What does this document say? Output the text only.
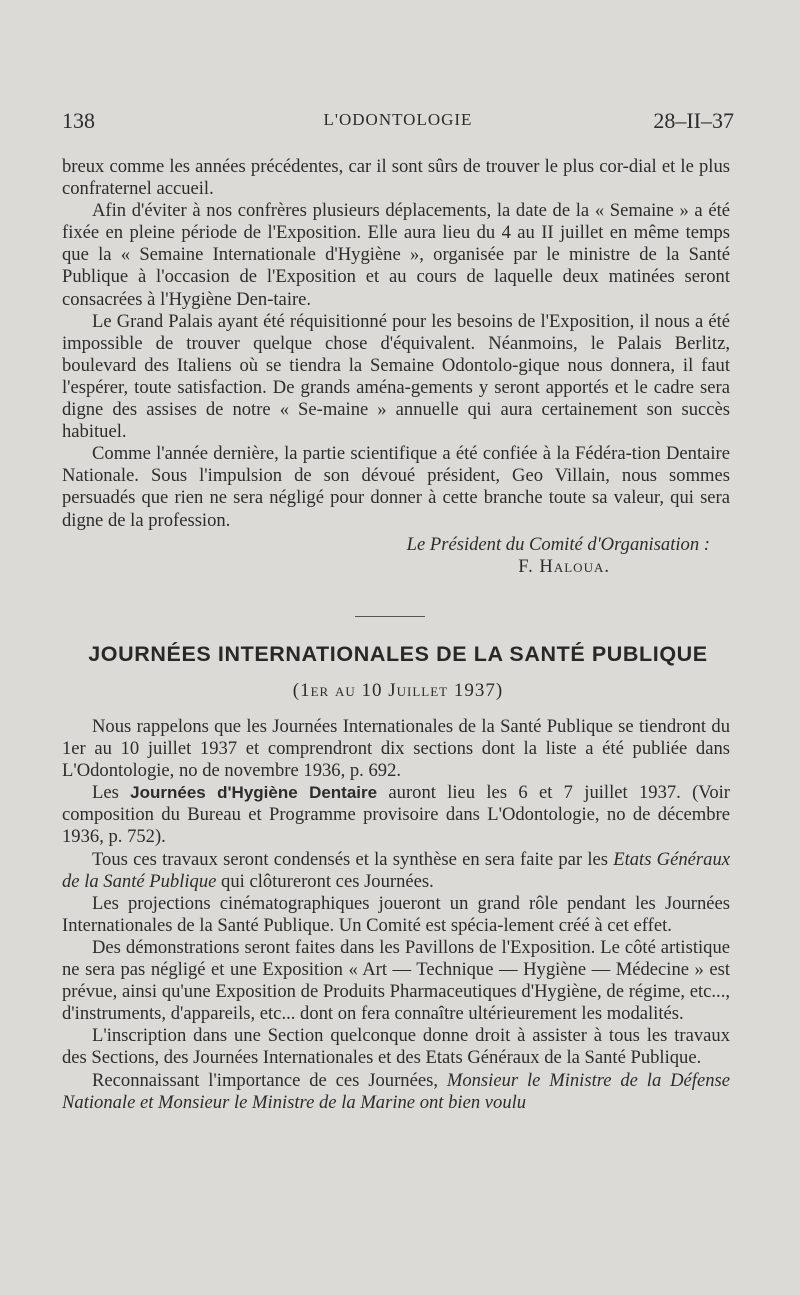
138	L'ODONTOLOGIE	28–II–37

breux comme les années précédentes, car il sont sûrs de trouver le plus cor-dial et le plus confraternel accueil.

Afin d'éviter à nos confrères plusieurs déplacements, la date de la « Semaine » a été fixée en pleine période de l'Exposition. Elle aura lieu du 4 au II juillet en même temps que la « Semaine Internationale d'Hygiène », organisée par le ministre de la Santé Publique à l'occasion de l'Exposition et au cours de laquelle deux matinées seront consacrées à l'Hygiène Den-taire.

Le Grand Palais ayant été réquisitionné pour les besoins de l'Exposition, il nous a été impossible de trouver quelque chose d'équivalent. Néanmoins, le Palais Berlitz, boulevard des Italiens où se tiendra la Semaine Odontolo-gique nous donnera, il faut l'espérer, toute satisfaction. De grands aména-gements y seront apportés et le cadre sera digne des assises de notre « Se-maine » annuelle qui aura certainement son succès habituel.

Comme l'année dernière, la partie scientifique a été confiée à la Fédéra-tion Dentaire Nationale. Sous l'impulsion de son dévoué président, Geo Villain, nous sommes persuadés que rien ne sera négligé pour donner à cette branche toute sa valeur, qui sera digne de la profession.

Le Président du Comité d'Organisation :
F. Haloua.
JOURNÉES INTERNATIONALES DE LA SANTÉ PUBLIQUE
(1er au 10 Juillet 1937)

Nous rappelons que les Journées Internationales de la Santé Publique se tiendront du 1er au 10 juillet 1937 et comprendront dix sections dont la liste a été publiée dans L'Odontologie, no de novembre 1936, p. 692.

Les Journées d'Hygiène Dentaire auront lieu les 6 et 7 juillet 1937. (Voir composition du Bureau et Programme provisoire dans L'Odontologie, no de décembre 1936, p. 752).

Tous ces travaux seront condensés et la synthèse en sera faite par les Etats Généraux de la Santé Publique qui clôtureront ces Journées.

Les projections cinématographiques joueront un grand rôle pendant les Journées Internationales de la Santé Publique. Un Comité est spécia-lement créé à cet effet.

Des démonstrations seront faites dans les Pavillons de l'Exposition. Le côté artistique ne sera pas négligé et une Exposition « Art — Technique — Hygiène — Médecine » est prévue, ainsi qu'une Exposition de Produits Pharmaceutiques d'Hygiène, de régime, etc..., d'instruments, d'appareils, etc... dont on fera connaître ultérieurement les modalités.

L'inscription dans une Section quelconque donne droit à assister à tous les travaux des Sections, des Journées Internationales et des Etats Généraux de la Santé Publique.

Reconnaissant l'importance de ces Journées, Monsieur le Ministre de la Défense Nationale et Monsieur le Ministre de la Marine ont bien voulu
